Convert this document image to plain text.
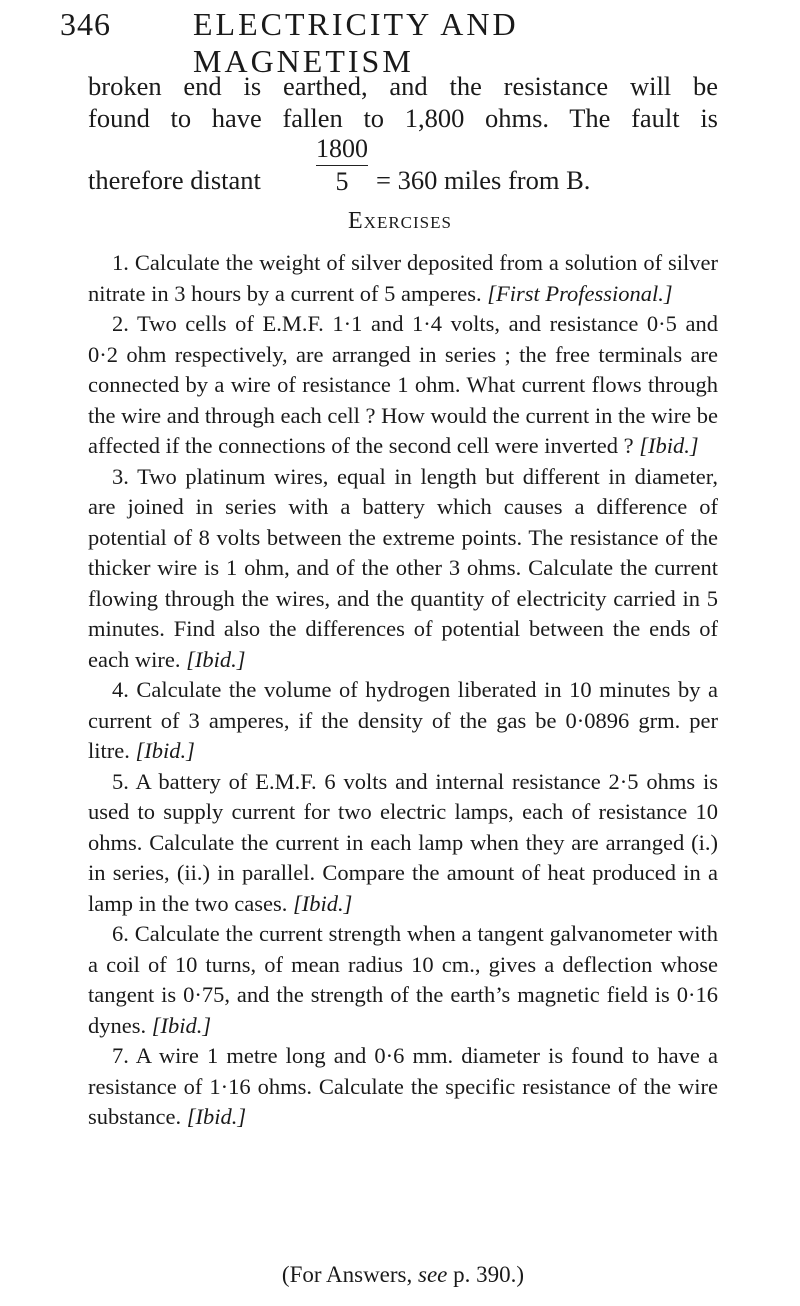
346	ELECTRICITY AND MAGNETISM
broken end is earthed, and the resistance will be
found to have fallen to 1,800 ohms. The fault is
therefore distant
1800
5	= 360 miles from B.
Exercises

1. Calculate the weight of silver deposited from a solution of silver nitrate in 3 hours by a current of 5 amperes. [First Professional.]

2. Two cells of E.M.F. 1·1 and 1·4 volts, and resistance 0·5 and 0·2 ohm respectively, are arranged in series ; the free terminals are connected by a wire of resistance 1 ohm. What current flows through the wire and through each cell ? How would the current in the wire be affected if the connections of the second cell were inverted ? [Ibid.]

3. Two platinum wires, equal in length but different in diameter, are joined in series with a battery which causes a difference of potential of 8 volts between the extreme points. The resistance of the thicker wire is 1 ohm, and of the other 3 ohms. Calculate the current flowing through the wires, and the quantity of electricity carried in 5 minutes. Find also the differences of potential between the ends of each wire. [Ibid.]

4. Calculate the volume of hydrogen liberated in 10 minutes by a current of 3 amperes, if the density of the gas be 0·0896 grm. per litre. [Ibid.]

5. A battery of E.M.F. 6 volts and internal resistance 2·5 ohms is used to supply current for two electric lamps, each of resistance 10 ohms. Calculate the current in each lamp when they are arranged (i.) in series, (ii.) in parallel. Compare the amount of heat produced in a lamp in the two cases. [Ibid.]

6. Calculate the current strength when a tangent galvanometer with a coil of 10 turns, of mean radius 10 cm., gives a deflection whose tangent is 0·75, and the strength of the earth’s magnetic field is 0·16 dynes. [Ibid.]

7. A wire 1 metre long and 0·6 mm. diameter is found to have a resistance of 1·16 ohms. Calculate the specific resistance of the wire substance. [Ibid.]

(For Answers, see p. 390.)
